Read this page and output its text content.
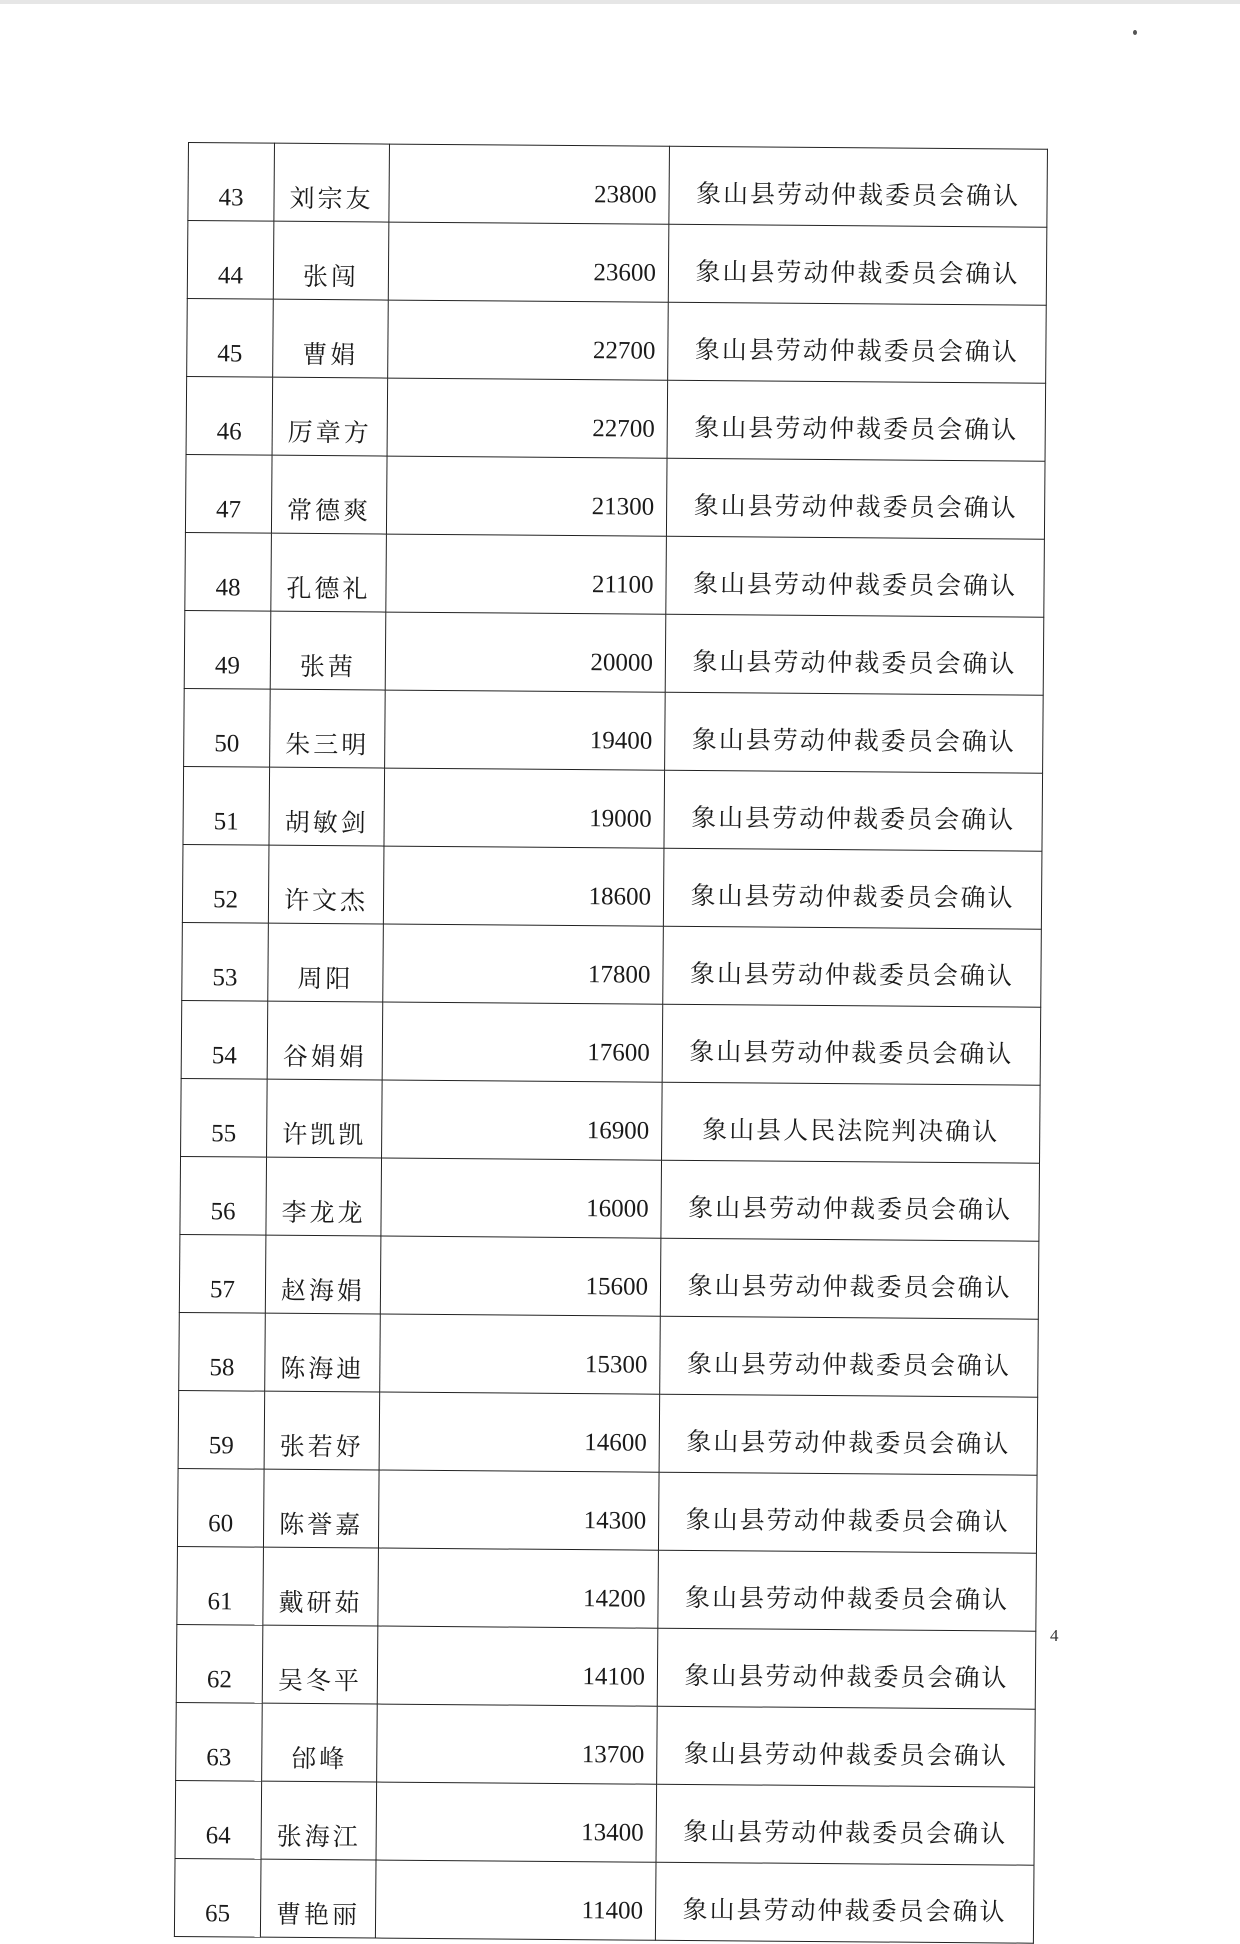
43	刘宗友	23800	象山县劳动仲裁委员会确认
44	张闯	23600	象山县劳动仲裁委员会确认
45	曹娟	22700	象山县劳动仲裁委员会确认
46	厉章方	22700	象山县劳动仲裁委员会确认
47	常德爽	21300	象山县劳动仲裁委员会确认
48	孔德礼	21100	象山县劳动仲裁委员会确认
49	张茜	20000	象山县劳动仲裁委员会确认
50	朱三明	19400	象山县劳动仲裁委员会确认
51	胡敏剑	19000	象山县劳动仲裁委员会确认
52	许文杰	18600	象山县劳动仲裁委员会确认
53	周阳	17800	象山县劳动仲裁委员会确认
54	谷娟娟	17600	象山县劳动仲裁委员会确认
55	许凯凯	16900	象山县人民法院判决确认
56	李龙龙	16000	象山县劳动仲裁委员会确认
57	赵海娟	15600	象山县劳动仲裁委员会确认
58	陈海迪	15300	象山县劳动仲裁委员会确认
59	张若妤	14600	象山县劳动仲裁委员会确认
60	陈誉嘉	14300	象山县劳动仲裁委员会确认
61	戴研茹	14200	象山县劳动仲裁委员会确认
62	吴冬平	14100	象山县劳动仲裁委员会确认
63	邰峰	13700	象山县劳动仲裁委员会确认
64	张海江	13400	象山县劳动仲裁委员会确认
65	曹艳丽	11400	象山县劳动仲裁委员会确认
4
